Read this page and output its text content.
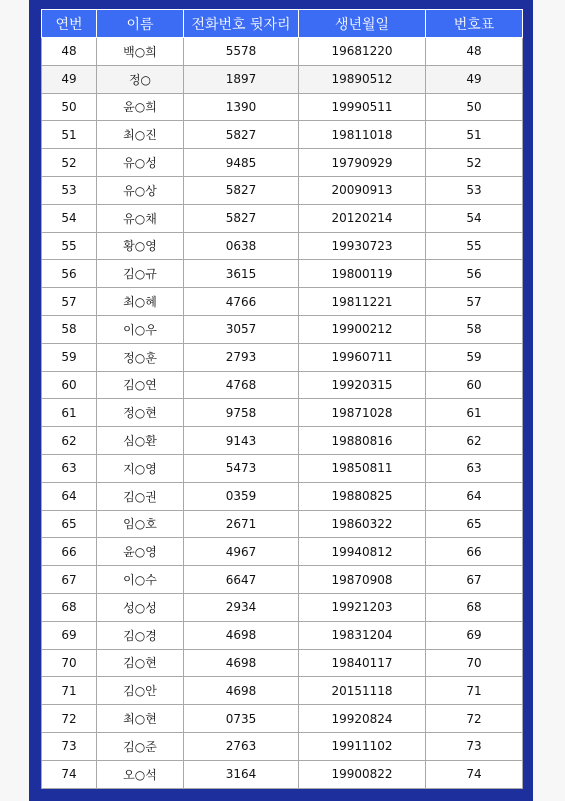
연번	이름	전화번호 뒷자리	생년월일	번호표
48	백○희	5578	19681220	48
49	정○	1897	19890512	49
50	윤○희	1390	19990511	50
51	최○진	5827	19811018	51
52	유○성	9485	19790929	52
53	유○상	5827	20090913	53
54	유○채	5827	20120214	54
55	황○영	0638	19930723	55
56	김○규	3615	19800119	56
57	최○혜	4766	19811221	57
58	이○우	3057	19900212	58
59	정○훈	2793	19960711	59
60	김○연	4768	19920315	60
61	정○현	9758	19871028	61
62	심○환	9143	19880816	62
63	지○영	5473	19850811	63
64	김○권	0359	19880825	64
65	임○호	2671	19860322	65
66	윤○영	4967	19940812	66
67	이○수	6647	19870908	67
68	성○성	2934	19921203	68
69	김○경	4698	19831204	69
70	김○현	4698	19840117	70
71	김○안	4698	20151118	71
72	최○현	0735	19920824	72
73	김○준	2763	19911102	73
74	오○석	3164	19900822	74
